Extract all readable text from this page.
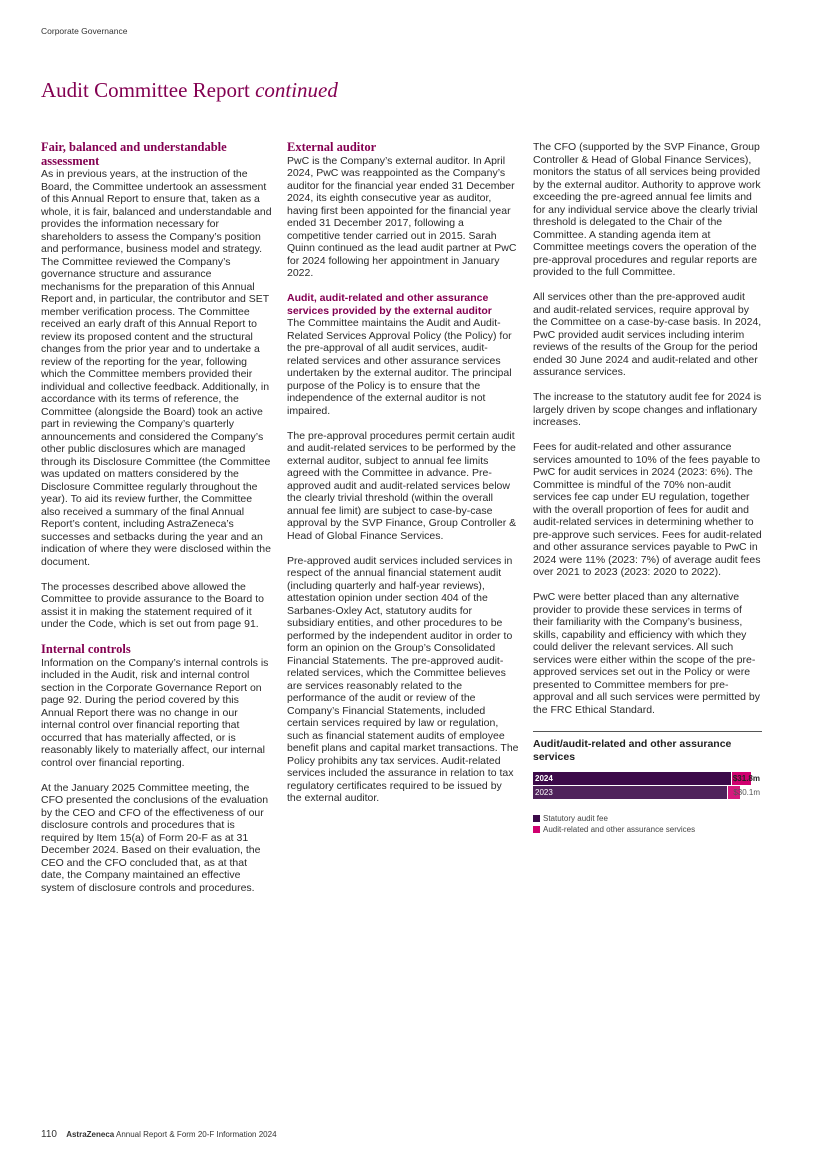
Corporate Governance
Audit Committee Report continued
Fair, balanced and understandable assessment

As in previous years, at the instruction of the Board, the Committee undertook an assessment of this Annual Report to ensure that, taken as a whole, it is fair, balanced and understandable and provides the information necessary for shareholders to assess the Company’s position and performance, business model and strategy. The Committee reviewed the Company’s governance structure and assurance mechanisms for the preparation of this Annual Report and, in particular, the contributor and SET member verification process. The Committee received an early draft of this Annual Report to review its proposed content and the structural changes from the prior year and to undertake a review of the reporting for the year, following which the Committee members provided their individual and collective feedback. Additionally, in accordance with its terms of reference, the Committee (alongside the Board) took an active part in reviewing the Company’s quarterly announcements and considered the Company’s other public disclosures which are managed through its Disclosure Committee (the Committee was updated on matters considered by the Disclosure Committee regularly throughout the year). To aid its review further, the Committee also received a summary of the final Annual Report’s content, including AstraZeneca’s successes and setbacks during the year and an indication of where they were disclosed within the document.

The processes described above allowed the Committee to provide assurance to the Board to assist it in making the statement required of it under the Code, which is set out from page 91.

Internal controls

Information on the Company’s internal controls is included in the Audit, risk and internal control section in the Corporate Governance Report on page 92. During the period covered by this Annual Report there was no change in our internal control over financial reporting that occurred that has materially affected, or is reasonably likely to materially affect, our internal control over financial reporting.

At the January 2025 Committee meeting, the CFO presented the conclusions of the evaluation by the CEO and CFO of the effectiveness of our disclosure controls and procedures that is required by Item 15(a) of Form 20-F as at 31 December 2024. Based on their evaluation, the CEO and the CFO concluded that, as at that date, the Company maintained an effective system of disclosure controls and procedures.

External auditor

PwC is the Company’s external auditor. In April 2024, PwC was reappointed as the Company’s auditor for the financial year ended 31 December 2024, its eighth consecutive year as auditor, having first been appointed for the financial year ended 31 December 2017, following a competitive tender carried out in 2015. Sarah Quinn continued as the lead audit partner at PwC for 2024 following her appointment in January 2022.

Audit, audit-related and other assurance services provided by the external auditor

The Committee maintains the Audit and Audit-Related Services Approval Policy (the Policy) for the pre-approval of all audit services, audit-related services and other assurance services undertaken by the external auditor. The principal purpose of the Policy is to ensure that the independence of the external auditor is not impaired.

The pre-approval procedures permit certain audit and audit-related services to be performed by the external auditor, subject to annual fee limits agreed with the Committee in advance. Pre-approved audit and audit-related services below the clearly trivial threshold (within the overall annual fee limit) are subject to case-by-case approval by the SVP Finance, Group Controller & Head of Global Finance Services.

Pre-approved audit services included services in respect of the annual financial statement audit (including quarterly and half-year reviews), attestation opinion under section 404 of the Sarbanes-Oxley Act, statutory audits for subsidiary entities, and other procedures to be performed by the independent auditor in order to form an opinion on the Group’s Consolidated Financial Statements. The pre-approved audit-related services, which the Committee believes are services reasonably related to the performance of the audit or review of the Company’s Financial Statements, included certain services required by law or regulation, such as financial statement audits of employee benefit plans and capital market transactions. The Policy prohibits any tax services. Audit-related services included the assurance in relation to tax regulatory certificates required to be issued by the external auditor.

The CFO (supported by the SVP Finance, Group Controller & Head of Global Finance Services), monitors the status of all services being provided by the external auditor. Authority to approve work exceeding the pre-agreed annual fee limits and for any individual service above the clearly trivial threshold is delegated to the Chair of the Committee. A standing agenda item at Committee meetings covers the operation of the pre-approval procedures and regular reports are provided to the full Committee.

All services other than the pre-approved audit and audit-related services, require approval by the Committee on a case-by-case basis. In 2024, PwC provided audit services including interim reviews of the results of the Group for the period ended 30 June 2024 and audit-related and other assurance services.

The increase to the statutory audit fee for 2024 is largely driven by scope changes and inflationary increases.

Fees for audit-related and other assurance services amounted to 10% of the fees payable to PwC for audit services in 2024 (2023: 6%). The Committee is mindful of the 70% non-audit services fee cap under EU regulation, together with the overall proportion of fees for audit and audit-related services in determining whether to pre-approve such services. Fees for audit-related and other assurance services payable to PwC in 2024 were 11% (2023: 7%) of average audit fees over 2021 to 2023 (2023: 2020 to 2022).

PwC were better placed than any alternative provider to provide these services in terms of their familiarity with the Company’s business, skills, capability and efficiency with which they could deliver the relevant services. All such services were either within the scope of the pre-approved services set out in the Policy or were presented to Committee members for pre-approval and all such services were permitted by the FRC Ethical Standard.

Audit/audit-related and other assurance services
2024	$31.8m
2023	$30.1m
Statutory audit fee
Audit-related and other assurance services
110 AstraZeneca Annual Report & Form 20-F Information 2024
